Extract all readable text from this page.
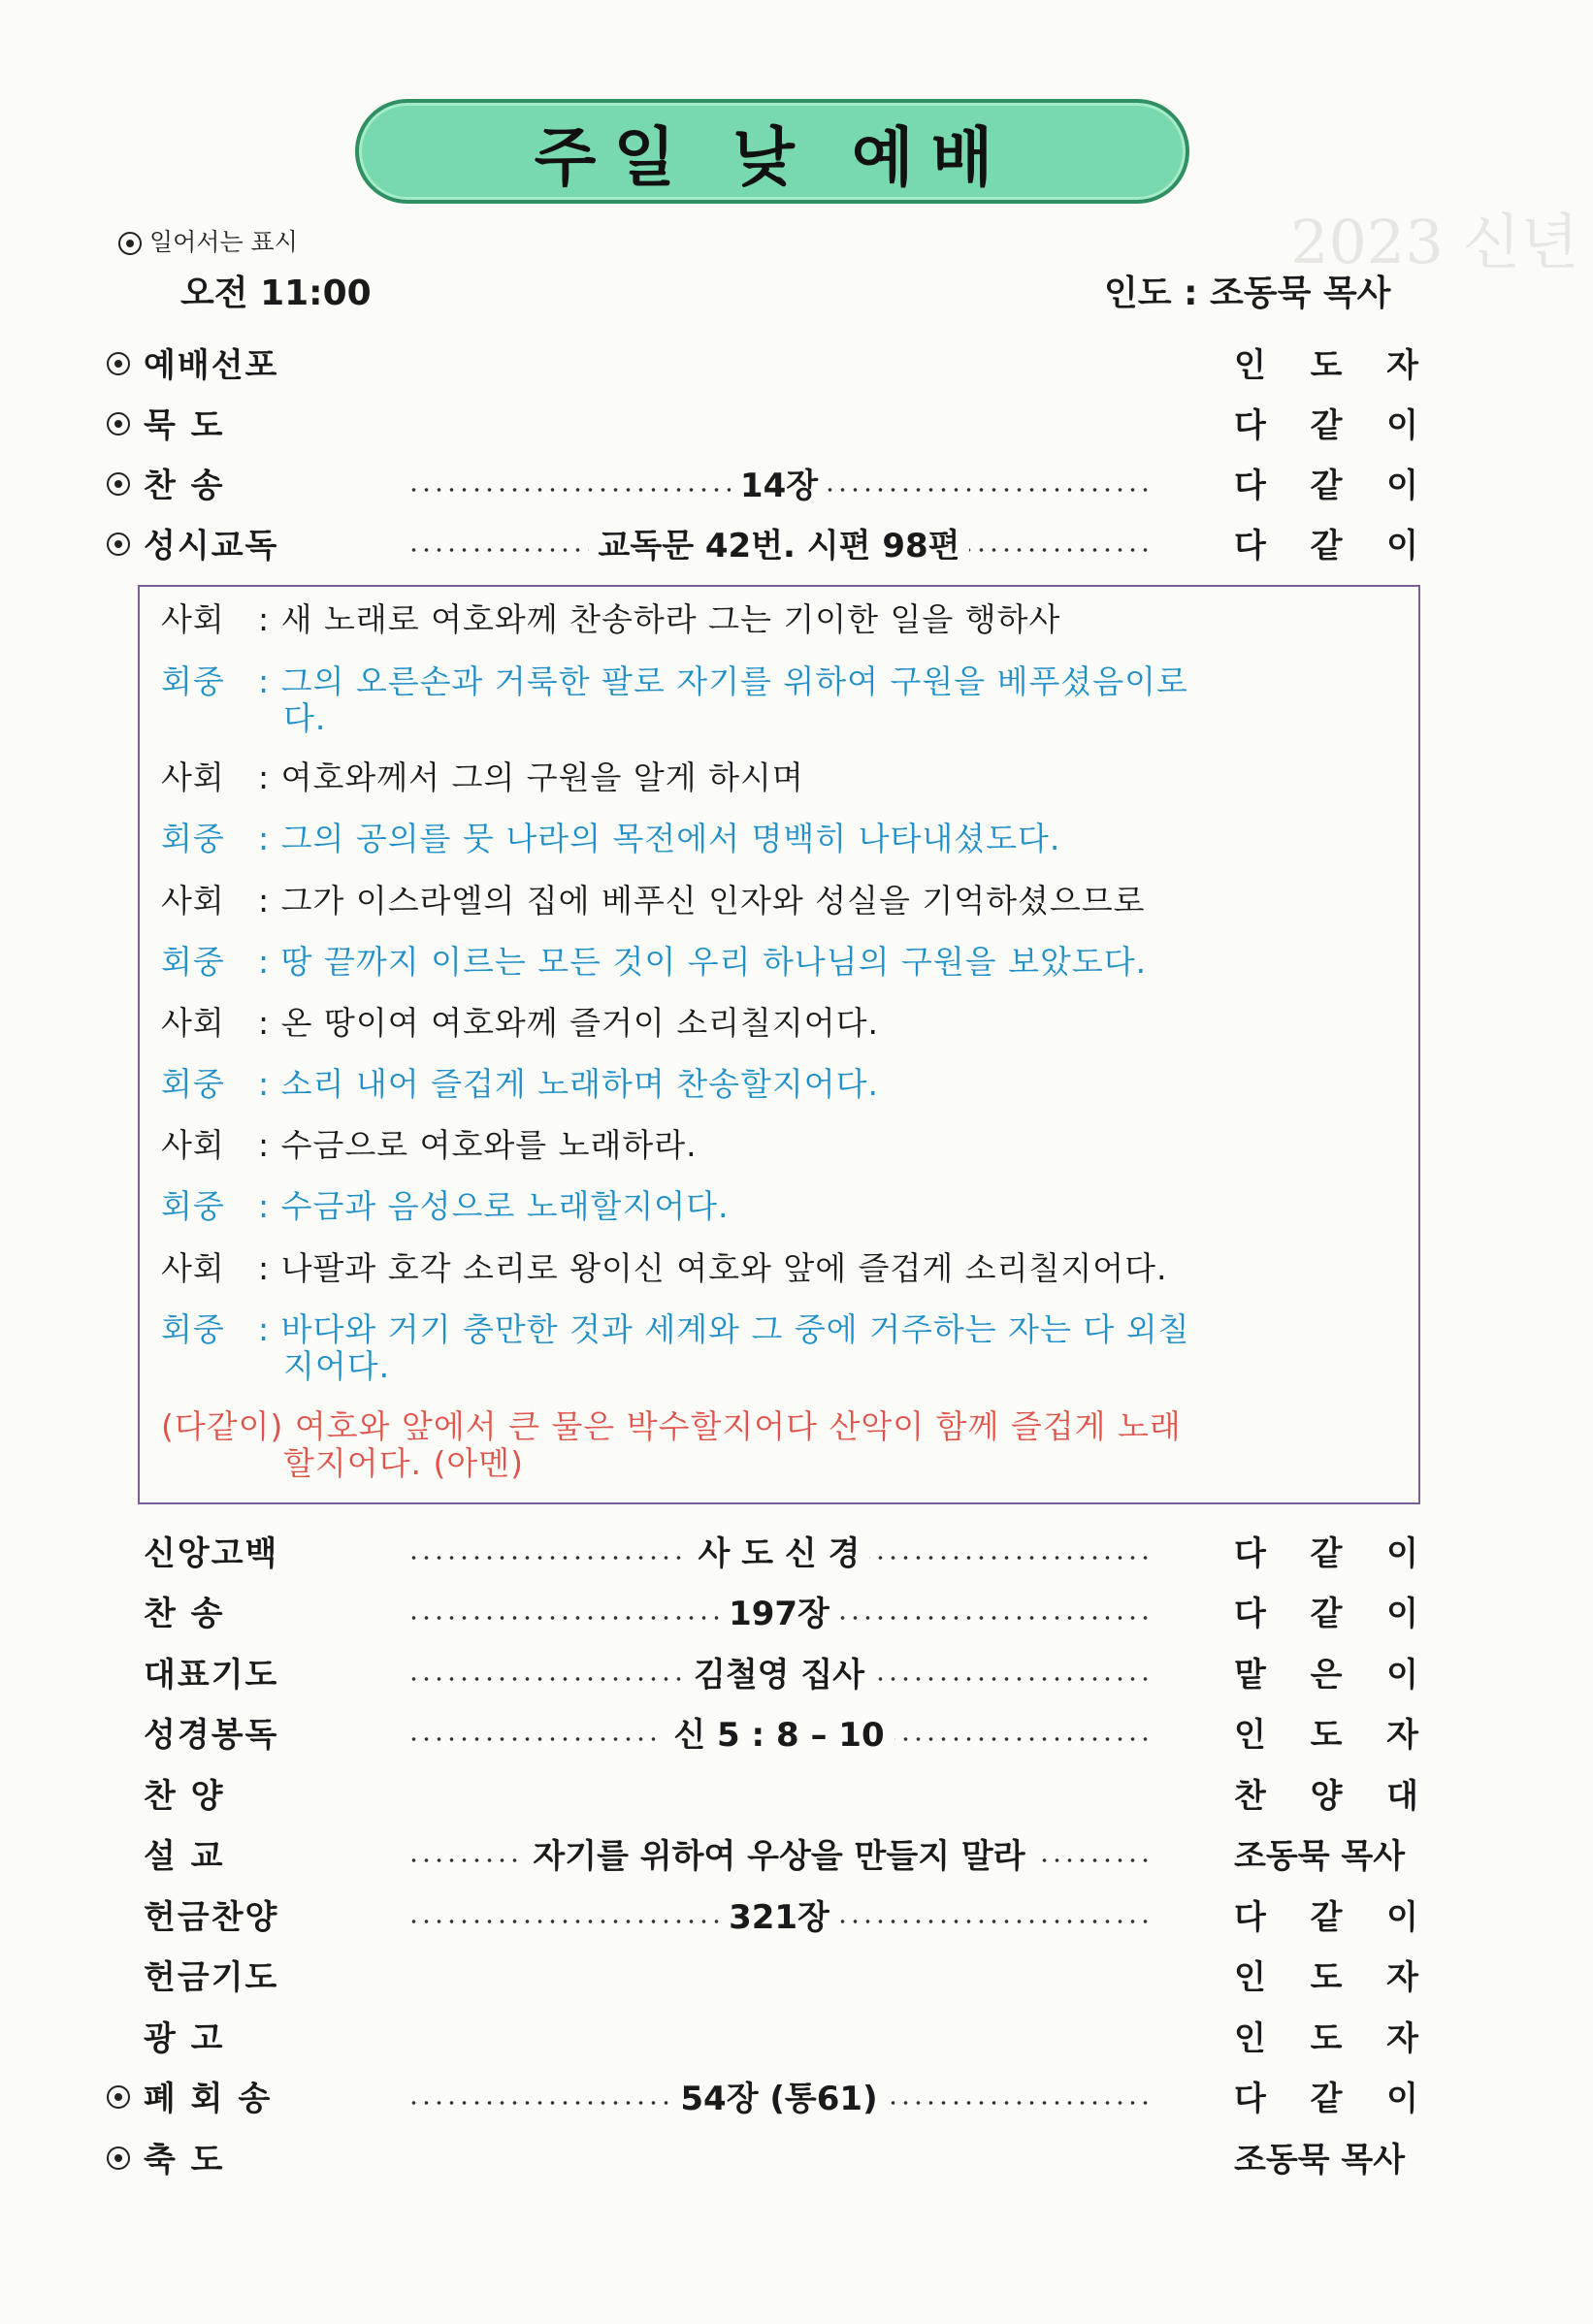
2023 신년
주일 낮 예배
일어서는 표시
오전 11:00	인도 : 조동묵 목사
예배선포	인 도 자
묵 도	다 같 이
찬 송	14장	다 같 이
성시교독	교독문 42번. 시편 98편	다 같 이
사회 : 새 노래로 여호와께 찬송하라 그는 기이한 일을 행하사
회중 : 그의 오른손과 거룩한 팔로 자기를 위하여 구원을 베푸셨음이로
다.
사회 : 여호와께서 그의 구원을 알게 하시며
회중 : 그의 공의를 뭇 나라의 목전에서 명백히 나타내셨도다.
사회 : 그가 이스라엘의 집에 베푸신 인자와 성실을 기억하셨으므로
회중 : 땅 끝까지 이르는 모든 것이 우리 하나님의 구원을 보았도다.
사회 : 온 땅이여 여호와께 즐거이 소리칠지어다.
회중 : 소리 내어 즐겁게 노래하며 찬송할지어다.
사회 : 수금으로 여호와를 노래하라.
회중 : 수금과 음성으로 노래할지어다.
사회 : 나팔과 호각 소리로 왕이신 여호와 앞에 즐겁게 소리칠지어다.
회중 : 바다와 거기 충만한 것과 세계와 그 중에 거주하는 자는 다 외칠
지어다.
(다같이) 여호와 앞에서 큰 물은 박수할지어다 산악이 함께 즐겁게 노래
할지어다. (아멘)
신앙고백	사 도 신 경	다 같 이
찬 송	197장	다 같 이
대표기도	김철영 집사	맡 은 이
성경봉독	신 5 : 8 – 10	인 도 자
찬 양	찬 양 대
설 교	자기를 위하여 우상을 만들지 말라	조동묵 목사
헌금찬양	321장	다 같 이
헌금기도	인 도 자
광 고	인 도 자
폐 회 송	54장 (통61)	다 같 이
축 도	조동묵 목사
